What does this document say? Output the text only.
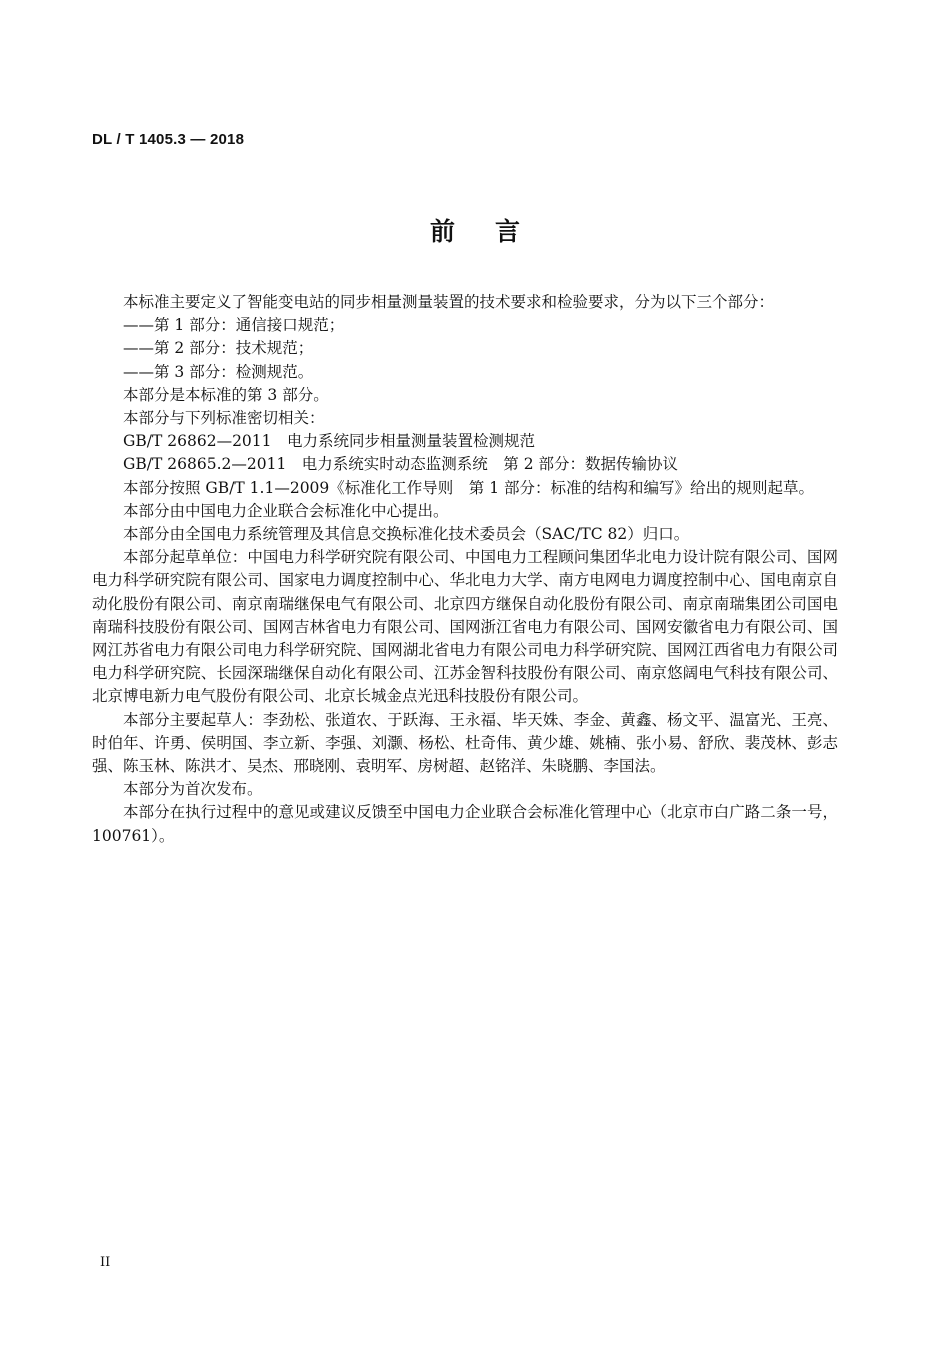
DL / T 1405.3 — 2018
前言

本标准主要定义了智能变电站的同步相量测量装置的技术要求和检验要求，分为以下三个部分：

——第 1 部分：通信接口规范；

——第 2 部分：技术规范；

——第 3 部分：检测规范。

本部分是本标准的第 3 部分。

本部分与下列标准密切相关：

GB/T 26862—2011　电力系统同步相量测量装置检测规范

GB/T 26865.2—2011　电力系统实时动态监测系统　第 2 部分：数据传输协议

本部分按照 GB/T 1.1—2009《标准化工作导则　第 1 部分：标准的结构和编写》给出的规则起草。

本部分由中国电力企业联合会标准化中心提出。

本部分由全国电力系统管理及其信息交换标准化技术委员会（SAC/TC 82）归口。

本部分起草单位：中国电力科学研究院有限公司、中国电力工程顾问集团华北电力设计院有限公司、国网电力科学研究院有限公司、国家电力调度控制中心、华北电力大学、南方电网电力调度控制中心、国电南京自动化股份有限公司、南京南瑞继保电气有限公司、北京四方继保自动化股份有限公司、南京南瑞集团公司国电南瑞科技股份有限公司、国网吉林省电力有限公司、国网浙江省电力有限公司、国网安徽省电力有限公司、国网江苏省电力有限公司电力科学研究院、国网湖北省电力有限公司电力科学研究院、国网江西省电力有限公司电力科学研究院、长园深瑞继保自动化有限公司、江苏金智科技股份有限公司、南京悠阔电气科技有限公司、北京博电新力电气股份有限公司、北京长城金点光迅科技股份有限公司。

本部分主要起草人：李劲松、张道农、于跃海、王永福、毕天姝、李金、黄鑫、杨文平、温富光、王亮、时伯年、许勇、侯明国、李立新、李强、刘灏、杨松、杜奇伟、黄少雄、姚楠、张小易、舒欣、裴茂林、彭志强、陈玉林、陈洪才、吴杰、邢晓刚、袁明军、房树超、赵铭洋、朱晓鹏、李国法。

本部分为首次发布。

本部分在执行过程中的意见或建议反馈至中国电力企业联合会标准化管理中心（北京市白广路二条一号，100761）。

II
